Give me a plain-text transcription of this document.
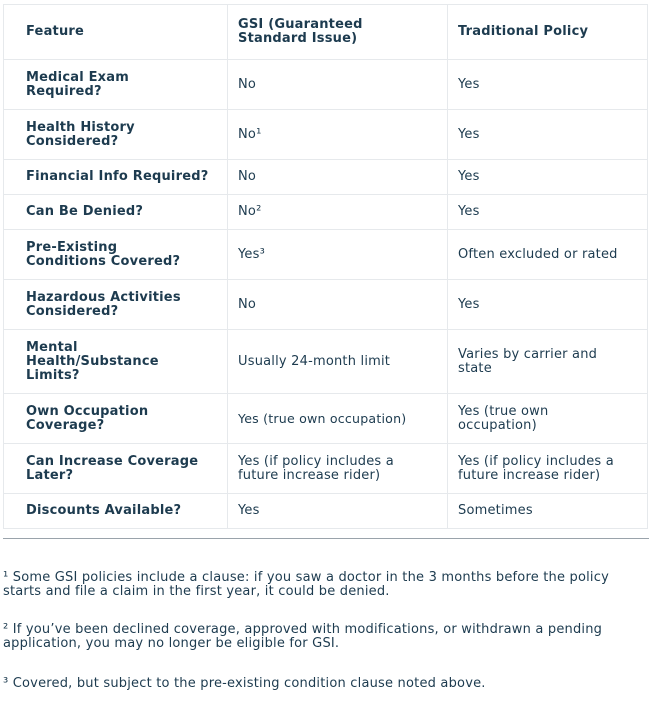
Feature	GSI (Guaranteed Standard Issue)	Traditional Policy
Medical Exam Required?	No	Yes
Health History Considered?	No¹	Yes
Financial Info Required?	No	Yes
Can Be Denied?	No²	Yes
Pre-Existing Conditions Covered?	Yes³	Often excluded or rated
Hazardous Activities Considered?	No	Yes
Mental Health/Substance Limits?	Usually 24-month limit	Varies by carrier and state
Own Occupation Coverage?	Yes (true own occupation)	Yes (true own occupation)
Can Increase Coverage Later?	Yes (if policy includes a future increase rider)	Yes (if policy includes a future increase rider)
Discounts Available?	Yes	Sometimes

¹ Some GSI policies include a clause: if you saw a doctor in the 3 months before the policy starts and file a claim in the first year, it could be denied.

² If you’ve been declined coverage, approved with modifications, or withdrawn a pending application, you may no longer be eligible for GSI.

³ Covered, but subject to the pre-existing condition clause noted above.
